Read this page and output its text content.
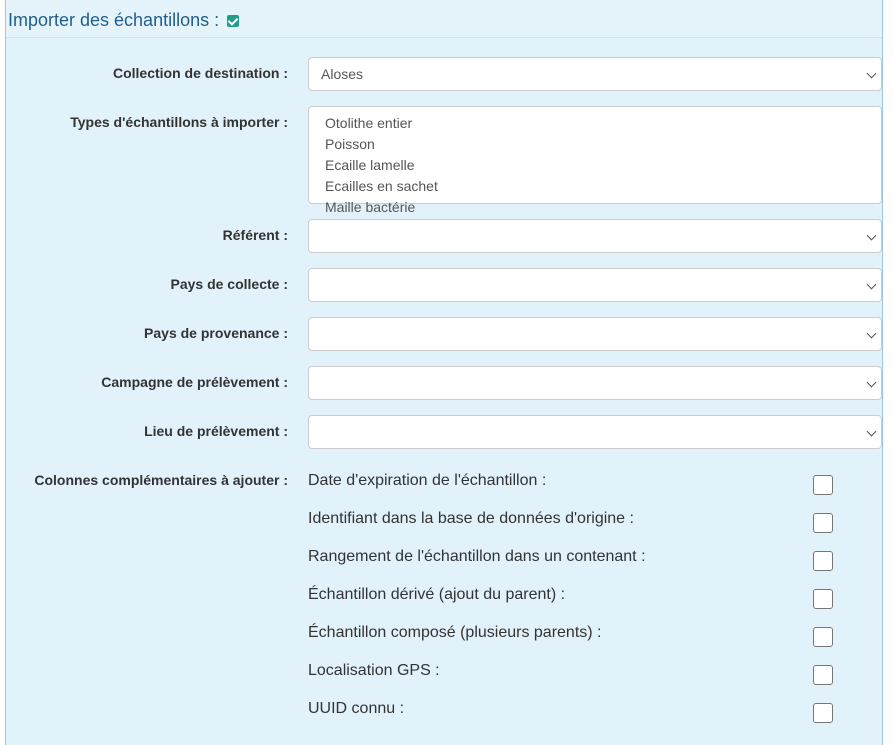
Importer des échantillons :
Collection de destination :	Aloses
Types d'échantillons à importer :	Otolithe entier
Poisson
Ecaille lamelle
Ecailles en sachet
Maille bactérie
Référent :
Pays de collecte :
Pays de provenance :
Campagne de prélèvement :
Lieu de prélèvement :
Colonnes complémentaires à ajouter : Date d'expiration de l'échantillon :
Identifiant dans la base de données d'origine :
Rangement de l'échantillon dans un contenant :
Échantillon dérivé (ajout du parent) :
Échantillon composé (plusieurs parents) :
Localisation GPS :
UUID connu :
